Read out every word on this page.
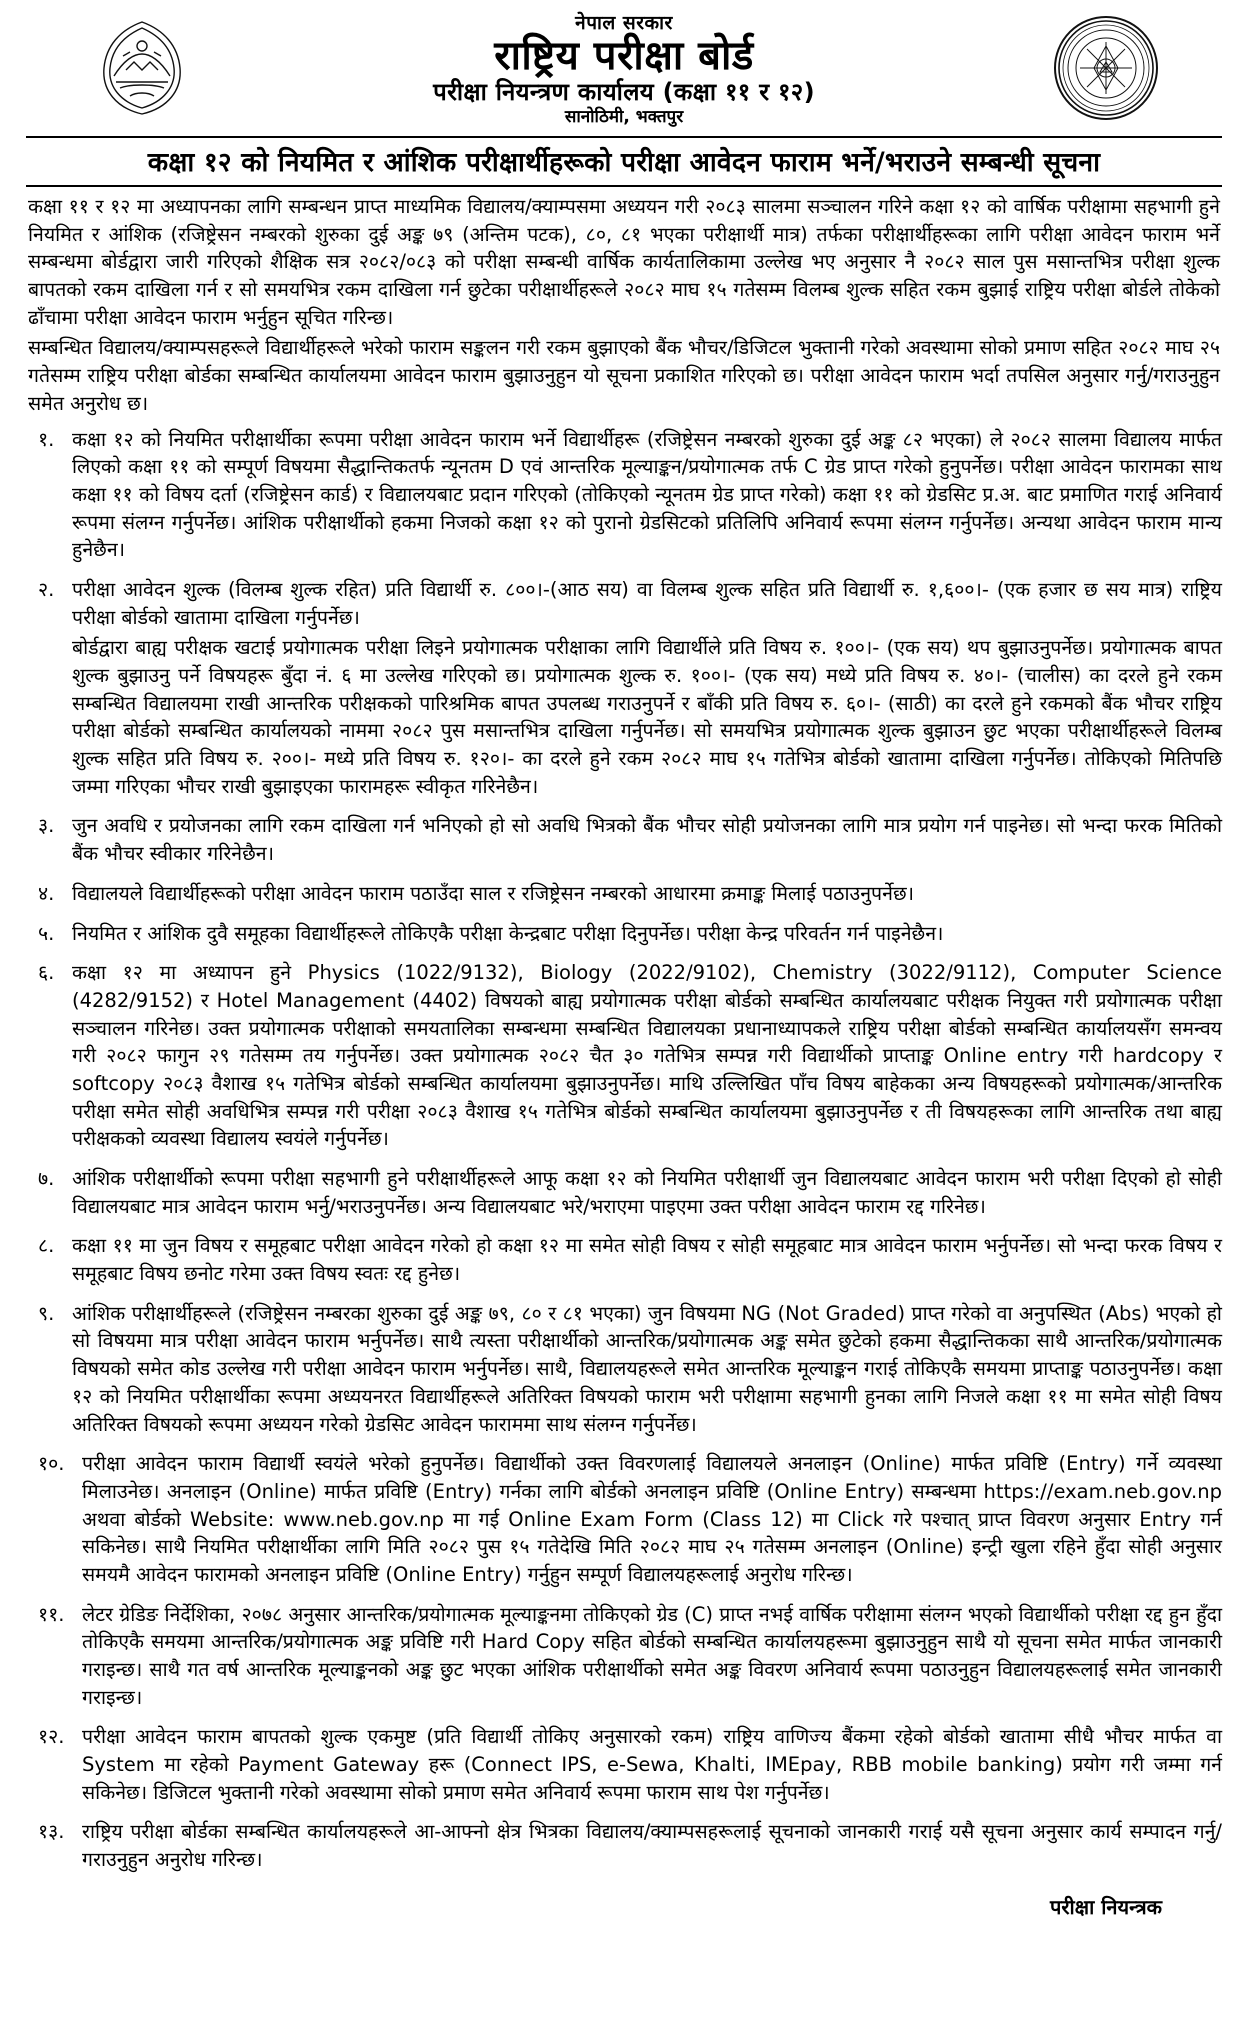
नेपाल सरकार
राष्ट्रिय परीक्षा बोर्ड
परीक्षा नियन्त्रण कार्यालय (कक्षा ११ र १२)
सानोठिमी, भक्तपुर
कक्षा १२ को नियमित र आंशिक परीक्षार्थीहरूको परीक्षा आवेदन फाराम भर्ने/भराउने सम्बन्धी सूचना

कक्षा ११ र १२ मा अध्यापनका लागि सम्बन्धन प्राप्त माध्यमिक विद्यालय/क्याम्पसमा अध्ययन गरी २०८३ सालमा सञ्चालन गरिने कक्षा १२ को वार्षिक परीक्षामा सहभागी हुने नियमित र आंशिक (रजिष्ट्रेसन नम्बरको शुरुका दुई अङ्क ७९ (अन्तिम पटक), ८०, ८१ भएका परीक्षार्थी मात्र) तर्फका परीक्षार्थीहरूका लागि परीक्षा आवेदन फाराम भर्ने सम्बन्धमा बोर्डद्वारा जारी गरिएको शैक्षिक सत्र २०८२/०८३ को परीक्षा सम्बन्धी वार्षिक कार्यतालिकामा उल्लेख भए अनुसार नै २०८२ साल पुस मसान्तभित्र परीक्षा शुल्क बापतको रकम दाखिला गर्न र सो समयभित्र रकम दाखिला गर्न छुटेका परीक्षार्थीहरूले २०८२ माघ १५ गतेसम्म विलम्ब शुल्क सहित रकम बुझाई राष्ट्रिय परीक्षा बोर्डले तोकेको ढाँचामा परीक्षा आवेदन फाराम भर्नुहुन सूचित गरिन्छ।

सम्बन्धित विद्यालय/क्याम्पसहरूले विद्यार्थीहरूले भरेको फाराम सङ्कलन गरी रकम बुझाएको बैंक भौचर/डिजिटल भुक्तानी गरेको अवस्थामा सोको प्रमाण सहित २०८२ माघ २५ गतेसम्म राष्ट्रिय परीक्षा बोर्डका सम्बन्धित कार्यालयमा आवेदन फाराम बुझाउनुहुन यो सूचना प्रकाशित गरिएको छ। परीक्षा आवेदन फाराम भर्दा तपसिल अनुसार गर्नु/गराउनुहुन समेत अनुरोध छ।

१. कक्षा १२ को नियमित परीक्षार्थीका रूपमा परीक्षा आवेदन फाराम भर्ने विद्यार्थीहरू (रजिष्ट्रेसन नम्बरको शुरुका दुई अङ्क ८२ भएका) ले २०८२ सालमा विद्यालय मार्फत लिएको कक्षा ११ को सम्पूर्ण विषयमा सैद्धान्तिकतर्फ न्यूनतम D एवं आन्तरिक मूल्याङ्कन/प्रयोगात्मक तर्फ C ग्रेड प्राप्त गरेको हुनुपर्नेछ। परीक्षा आवेदन फारामका साथ कक्षा ११ को विषय दर्ता (रजिष्ट्रेसन कार्ड) र विद्यालयबाट प्रदान गरिएको (तोकिएको न्यूनतम ग्रेड प्राप्त गरेको) कक्षा ११ को ग्रेडसिट प्र.अ. बाट प्रमाणित गराई अनिवार्य रूपमा संलग्न गर्नुपर्नेछ। आंशिक परीक्षार्थीको हकमा निजको कक्षा १२ को पुरानो ग्रेडसिटको प्रतिलिपि अनिवार्य रूपमा संलग्न गर्नुपर्नेछ। अन्यथा आवेदन फाराम मान्य हुनेछैन।

२. परीक्षा आवेदन शुल्क (विलम्ब शुल्क रहित) प्रति विद्यार्थी रु. ८००।-(आठ सय) वा विलम्ब शुल्क सहित प्रति विद्यार्थी रु. १,६००।- (एक हजार छ सय मात्र) राष्ट्रिय परीक्षा बोर्डको खातामा दाखिला गर्नुपर्नेछ।

बोर्डद्वारा बाह्य परीक्षक खटाई प्रयोगात्मक परीक्षा लिइने प्रयोगात्मक परीक्षाका लागि विद्यार्थीले प्रति विषय रु. १००।- (एक सय) थप बुझाउनुपर्नेछ। प्रयोगात्मक बापत शुल्क बुझाउनु पर्ने विषयहरू बुँदा नं. ६ मा उल्लेख गरिएको छ। प्रयोगात्मक शुल्क रु. १००।- (एक सय) मध्ये प्रति विषय रु. ४०।- (चालीस) का दरले हुने रकम सम्बन्धित विद्यालयमा राखी आन्तरिक परीक्षकको पारिश्रमिक बापत उपलब्ध गराउनुपर्ने र बाँकी प्रति विषय रु. ६०।- (साठी) का दरले हुने रकमको बैंक भौचर राष्ट्रिय परीक्षा बोर्डको सम्बन्धित कार्यालयको नाममा २०८२ पुस मसान्तभित्र दाखिला गर्नुपर्नेछ। सो समयभित्र प्रयोगात्मक शुल्क बुझाउन छुट भएका परीक्षार्थीहरूले विलम्ब शुल्क सहित प्रति विषय रु. २००।- मध्ये प्रति विषय रु. १२०।- का दरले हुने रकम २०८२ माघ १५ गतेभित्र बोर्डको खातामा दाखिला गर्नुपर्नेछ। तोकिएको मितिपछि जम्मा गरिएका भौचर राखी बुझाइएका फारामहरू स्वीकृत गरिनेछैन।

३. जुन अवधि र प्रयोजनका लागि रकम दाखिला गर्न भनिएको हो सो अवधि भित्रको बैंक भौचर सोही प्रयोजनका लागि मात्र प्रयोग गर्न पाइनेछ। सो भन्दा फरक मितिको बैंक भौचर स्वीकार गरिनेछैन।

४. विद्यालयले विद्यार्थीहरूको परीक्षा आवेदन फाराम पठाउँदा साल र रजिष्ट्रेसन नम्बरको आधारमा क्रमाङ्क मिलाई पठाउनुपर्नेछ।

५. नियमित र आंशिक दुवै समूहका विद्यार्थीहरूले तोकिएकै परीक्षा केन्द्रबाट परीक्षा दिनुपर्नेछ। परीक्षा केन्द्र परिवर्तन गर्न पाइनेछैन।

६. कक्षा १२ मा अध्यापन हुने Physics (1022/9132), Biology (2022/9102), Chemistry (3022/9112), Computer Science (4282/9152) र Hotel Management (4402) विषयको बाह्य प्रयोगात्मक परीक्षा बोर्डको सम्बन्धित कार्यालयबाट परीक्षक नियुक्त गरी प्रयोगात्मक परीक्षा सञ्चालन गरिनेछ। उक्त प्रयोगात्मक परीक्षाको समयतालिका सम्बन्धमा सम्बन्धित विद्यालयका प्रधानाध्यापकले राष्ट्रिय परीक्षा बोर्डको सम्बन्धित कार्यालयसँग समन्वय गरी २०८२ फागुन २९ गतेसम्म तय गर्नुपर्नेछ। उक्त प्रयोगात्मक २०८२ चैत ३० गतेभित्र सम्पन्न गरी विद्यार्थीको प्राप्ताङ्क Online entry गरी hardcopy र softcopy २०८३ वैशाख १५ गतेभित्र बोर्डको सम्बन्धित कार्यालयमा बुझाउनुपर्नेछ। माथि उल्लिखित पाँच विषय बाहेकका अन्य विषयहरूको प्रयोगात्मक/आन्तरिक परीक्षा समेत सोही अवधिभित्र सम्पन्न गरी परीक्षा २०८३ वैशाख १५ गतेभित्र बोर्डको सम्बन्धित कार्यालयमा बुझाउनुपर्नेछ र ती विषयहरूका लागि आन्तरिक तथा बाह्य परीक्षकको व्यवस्था विद्यालय स्वयंले गर्नुपर्नेछ।

७. आंशिक परीक्षार्थीको रूपमा परीक्षा सहभागी हुने परीक्षार्थीहरूले आफू कक्षा १२ को नियमित परीक्षार्थी जुन विद्यालयबाट आवेदन फाराम भरी परीक्षा दिएको हो सोही विद्यालयबाट मात्र आवेदन फाराम भर्नु/भराउनुपर्नेछ। अन्य विद्यालयबाट भरे/भराएमा पाइएमा उक्त परीक्षा आवेदन फाराम रद्द गरिनेछ।

८. कक्षा ११ मा जुन विषय र समूहबाट परीक्षा आवेदन गरेको हो कक्षा १२ मा समेत सोही विषय र सोही समूहबाट मात्र आवेदन फाराम भर्नुपर्नेछ। सो भन्दा फरक विषय र समूहबाट विषय छनोट गरेमा उक्त विषय स्वतः रद्द हुनेछ।

९. आंशिक परीक्षार्थीहरूले (रजिष्ट्रेसन नम्बरका शुरुका दुई अङ्क ७९, ८० र ८१ भएका) जुन विषयमा NG (Not Graded) प्राप्त गरेको वा अनुपस्थित (Abs) भएको हो सो विषयमा मात्र परीक्षा आवेदन फाराम भर्नुपर्नेछ। साथै त्यस्ता परीक्षार्थीको आन्तरिक/प्रयोगात्मक अङ्क समेत छुटेको हकमा सैद्धान्तिकका साथै आन्तरिक/प्रयोगात्मक विषयको समेत कोड उल्लेख गरी परीक्षा आवेदन फाराम भर्नुपर्नेछ। साथै, विद्यालयहरूले समेत आन्तरिक मूल्याङ्कन गराई तोकिएकै समयमा प्राप्ताङ्क पठाउनुपर्नेछ। कक्षा १२ को नियमित परीक्षार्थीका रूपमा अध्ययनरत विद्यार्थीहरूले अतिरिक्त विषयको फाराम भरी परीक्षामा सहभागी हुनका लागि निजले कक्षा ११ मा समेत सोही विषय अतिरिक्त विषयको रूपमा अध्ययन गरेको ग्रेडसिट आवेदन फाराममा साथ संलग्न गर्नुपर्नेछ।

१०. परीक्षा आवेदन फाराम विद्यार्थी स्वयंले भरेको हुनुपर्नेछ। विद्यार्थीको उक्त विवरणलाई विद्यालयले अनलाइन (Online) मार्फत प्रविष्टि (Entry) गर्ने व्यवस्था मिलाउनेछ। अनलाइन (Online) मार्फत प्रविष्टि (Entry) गर्नका लागि बोर्डको अनलाइन प्रविष्टि (Online Entry) सम्बन्धमा https://exam.neb.gov.np अथवा बोर्डको Website: www.neb.gov.np मा गई Online Exam Form (Class 12) मा Click गरे पश्चात् प्राप्त विवरण अनुसार Entry गर्न सकिनेछ। साथै नियमित परीक्षार्थीका लागि मिति २०८२ पुस १५ गतेदेखि मिति २०८२ माघ २५ गतेसम्म अनलाइन (Online) इन्ट्री खुला रहिने हुँदा सोही अनुसार समयमै आवेदन फारामको अनलाइन प्रविष्टि (Online Entry) गर्नुहुन सम्पूर्ण विद्यालयहरूलाई अनुरोध गरिन्छ।

११. लेटर ग्रेडिङ निर्देशिका, २०७८ अनुसार आन्तरिक/प्रयोगात्मक मूल्याङ्कनमा तोकिएको ग्रेड (C) प्राप्त नभई वार्षिक परीक्षामा संलग्न भएको विद्यार्थीको परीक्षा रद्द हुन हुँदा तोकिएकै समयमा आन्तरिक/प्रयोगात्मक अङ्क प्रविष्टि गरी Hard Copy सहित बोर्डको सम्बन्धित कार्यालयहरूमा बुझाउनुहुन साथै यो सूचना समेत मार्फत जानकारी गराइन्छ। साथै गत वर्ष आन्तरिक मूल्याङ्कनको अङ्क छुट भएका आंशिक परीक्षार्थीको समेत अङ्क विवरण अनिवार्य रूपमा पठाउनुहुन विद्यालयहरूलाई समेत जानकारी गराइन्छ।

१२. परीक्षा आवेदन फाराम बापतको शुल्क एकमुष्ट (प्रति विद्यार्थी तोकिए अनुसारको रकम) राष्ट्रिय वाणिज्य बैंकमा रहेको बोर्डको खातामा सीधै भौचर मार्फत वा System मा रहेको Payment Gateway हरू (Connect IPS, e-Sewa, Khalti, IMEpay, RBB mobile banking) प्रयोग गरी जम्मा गर्न सकिनेछ। डिजिटल भुक्तानी गरेको अवस्थामा सोको प्रमाण समेत अनिवार्य रूपमा फाराम साथ पेश गर्नुपर्नेछ।

१३. राष्ट्रिय परीक्षा बोर्डका सम्बन्धित कार्यालयहरूले आ-आफ्नो क्षेत्र भित्रका विद्यालय/क्याम्पसहरूलाई सूचनाको जानकारी गराई यसै सूचना अनुसार कार्य सम्पादन गर्नु/गराउनुहुन अनुरोध गरिन्छ।

परीक्षा नियन्त्रक
